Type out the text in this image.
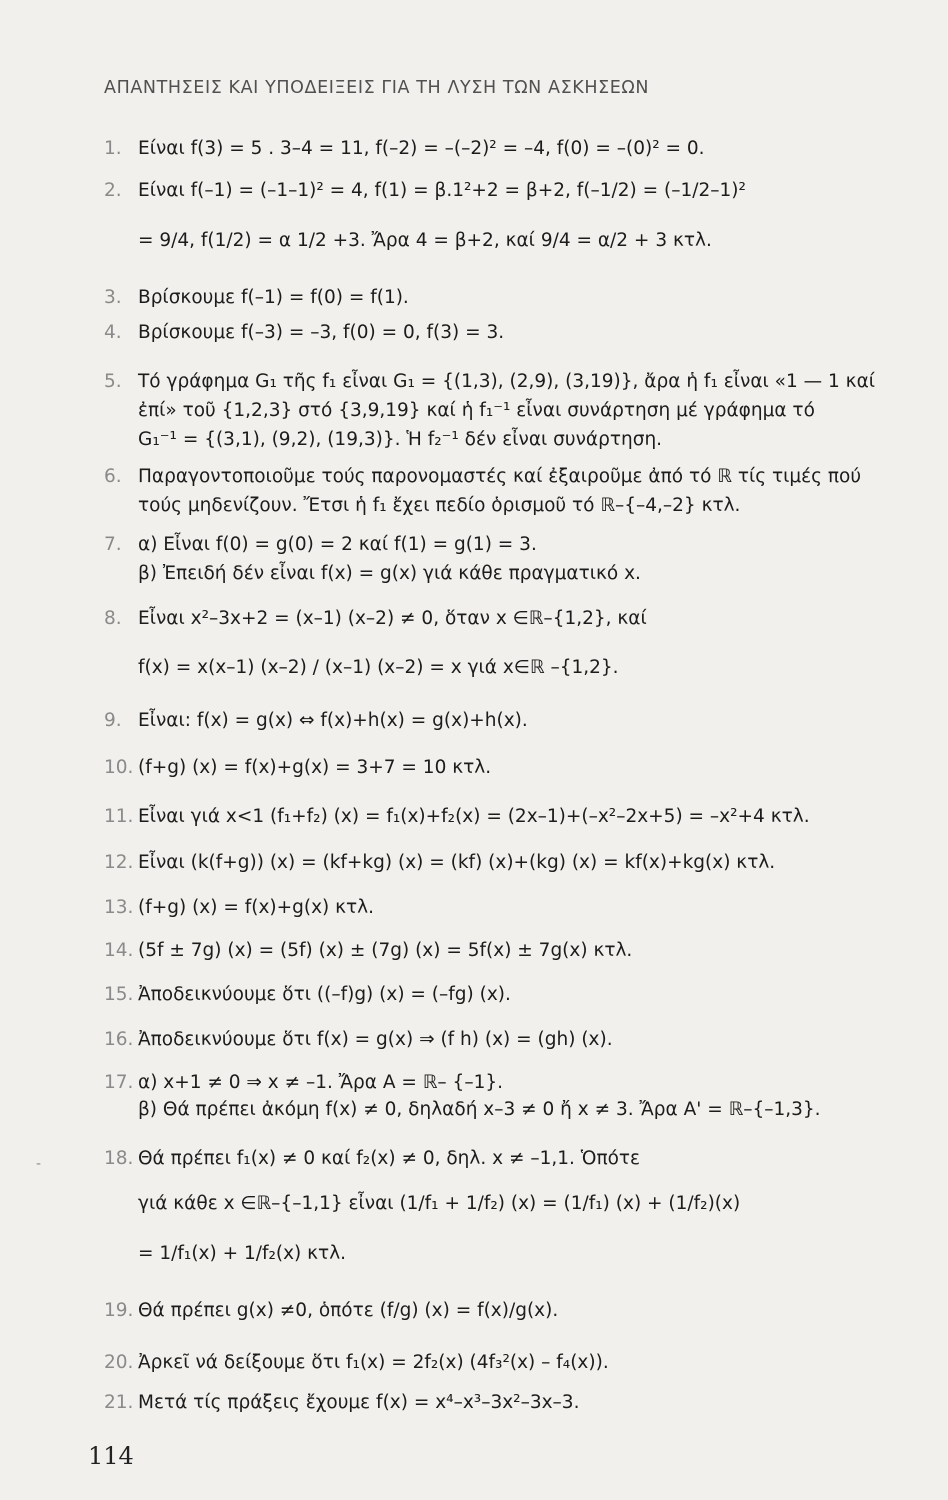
ΑΠΑΝΤΗΣΕΙΣ ΚΑΙ ΥΠΟΔΕΙΞΕΙΣ ΓΙΑ ΤΗ ΛΥΣΗ ΤΩΝ ΑΣΚΗΣΕΩΝ
1. Είναι f(3) = 5 . 3–4 = 11, f(–2) = –(–2)² = –4, f(0) = –(0)² = 0.
2. Είναι f(–1) = (–1–1)² = 4, f(1) = β.1²+2 = β+2, f(–1/2) = (–1/2–1)²
= 9/4, f(1/2) = α 1/2 +3. Ἄρα 4 = β+2, καί 9/4 = α/2 + 3 κτλ.
3. Βρίσκουμε f(–1) = f(0) = f(1).
4. Βρίσκουμε f(–3) = –3, f(0) = 0, f(3) = 3.
5. Τό γράφημα G₁ τῆς f₁ εἶναι G₁ = {(1,3), (2,9), (3,19)}, ἄρα ἡ f₁ εἶναι «1 — 1 καί
ἐπί» τοῦ {1,2,3} στό {3,9,19} καί ἡ f₁⁻¹ εἶναι συνάρτηση μέ γράφημα τό
G₁⁻¹ = {(3,1), (9,2), (19,3)}. Ἡ f₂⁻¹ δέν εἶναι συνάρτηση.
6. Παραγοντοποιοῦμε τούς παρονομαστές καί ἐξαιροῦμε ἀπό τό ℝ τίς τιμές πού
τούς μηδενίζουν. Ἔτσι ἡ f₁ ἔχει πεδίο ὁρισμοῦ τό ℝ–{–4,–2} κτλ.
7. α) Εἶναι f(0) = g(0) = 2 καί f(1) = g(1) = 3.
β) Ἐπειδή δέν εἶναι f(x) = g(x) γιά κάθε πραγματικό x.
8. Εἶναι x²–3x+2 = (x–1) (x–2) ≠ 0, ὅταν x ∈ℝ–{1,2}, καί
f(x) = x(x–1) (x–2) / (x–1) (x–2) = x γιά x∈ℝ –{1,2}.
9. Εἶναι: f(x) = g(x) ⇔ f(x)+h(x) = g(x)+h(x).
10. (f+g) (x) = f(x)+g(x) = 3+7 = 10 κτλ.
11. Εἶναι γιά x<1 (f₁+f₂) (x) = f₁(x)+f₂(x) = (2x–1)+(–x²–2x+5) = –x²+4 κτλ.
12. Εἶναι (k(f+g)) (x) = (kf+kg) (x) = (kf) (x)+(kg) (x) = kf(x)+kg(x) κτλ.
13. (f+g) (x) = f(x)+g(x) κτλ.
14. (5f ± 7g) (x) = (5f) (x) ± (7g) (x) = 5f(x) ± 7g(x) κτλ.
15. Ἀποδεικνύουμε ὅτι ((–f)g) (x) = (–fg) (x).
16. Ἀποδεικνύουμε ὅτι f(x) = g(x) ⇒ (f h) (x) = (gh) (x).
17. α) x+1 ≠ 0 ⇒ x ≠ –1. Ἄρα A = ℝ– {–1}.
β) Θά πρέπει ἀκόμη f(x) ≠ 0, δηλαδή x–3 ≠ 0 ἤ x ≠ 3. Ἄρα A' = ℝ–{–1,3}.
18. Θά πρέπει f₁(x) ≠ 0 καί f₂(x) ≠ 0, δηλ. x ≠ –1,1. Ὁπότε
γιά κάθε x ∈ℝ–{–1,1} εἶναι (1/f₁ + 1/f₂) (x) = (1/f₁) (x) + (1/f₂)(x)
= 1/f₁(x) + 1/f₂(x) κτλ.
19. Θά πρέπει g(x) ≠0, ὁπότε (f/g) (x) = f(x)/g(x).
20. Ἀρκεῖ νά δείξουμε ὅτι f₁(x) = 2f₂(x) (4f₃²(x) – f₄(x)).
21. Μετά τίς πράξεις ἔχουμε f(x) = x⁴–x³–3x²–3x–3.
-
114
